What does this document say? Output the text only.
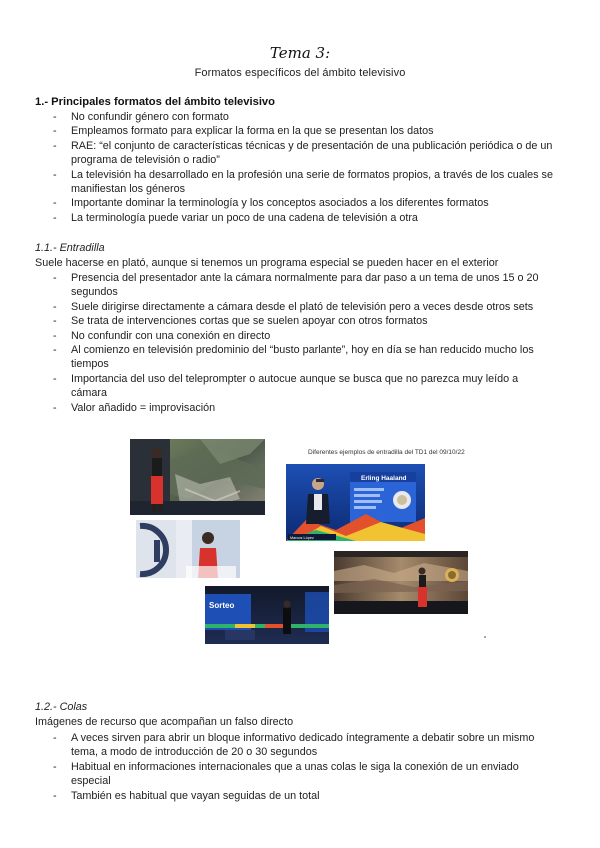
Tema 3:
Formatos específicos del ámbito televisivo
1.- Principales formatos del ámbito televisivo
- No confundir género con formato
- Empleamos formato para explicar la forma en la que se presentan los datos
- RAE: “el conjunto de características técnicas y de presentación de una publicación periódica o de un programa de televisión o radio”
- La televisión ha desarrollado en la profesión una serie de formatos propios, a través de los cuales se manifiestan los géneros
- Importante dominar la terminología y los conceptos asociados a los diferentes formatos
- La terminología puede variar un poco de una cadena de televisión a otra
1.1.- Entradilla
Suele hacerse en plató, aunque si tenemos un programa especial se pueden hacer en el exterior
- Presencia del presentador ante la cámara normalmente para dar paso a un tema de unos 15 o 20 segundos
- Suele dirigirse directamente a cámara desde el plató de televisión pero a veces desde otros sets
- Se trata de intervenciones cortas que se suelen apoyar con otros formatos
- No confundir con una conexión en directo
- Al comienzo en televisión predominio del “busto parlante”, hoy en día se han reducido mucho los tiempos
- Importancia del uso del teleprompter o autocue aunque se busca que no parezca muy leído a cámara
- Valor añadido = improvisación
Diferentes ejemplos de entradilla del TD1 del 09/10/22
Erling Haaland
Marcos López
Sorteo
1.2.- Colas
Imágenes de recurso que acompañan un falso directo
- A veces sirven para abrir un bloque informativo dedicado íntegramente a debatir sobre un mismo tema, a modo de introducción de 20 o 30 segundos
- Habitual en informaciones internacionales que a unas colas le siga la conexión de un enviado especial
- También es habitual que vayan seguidas de un total
